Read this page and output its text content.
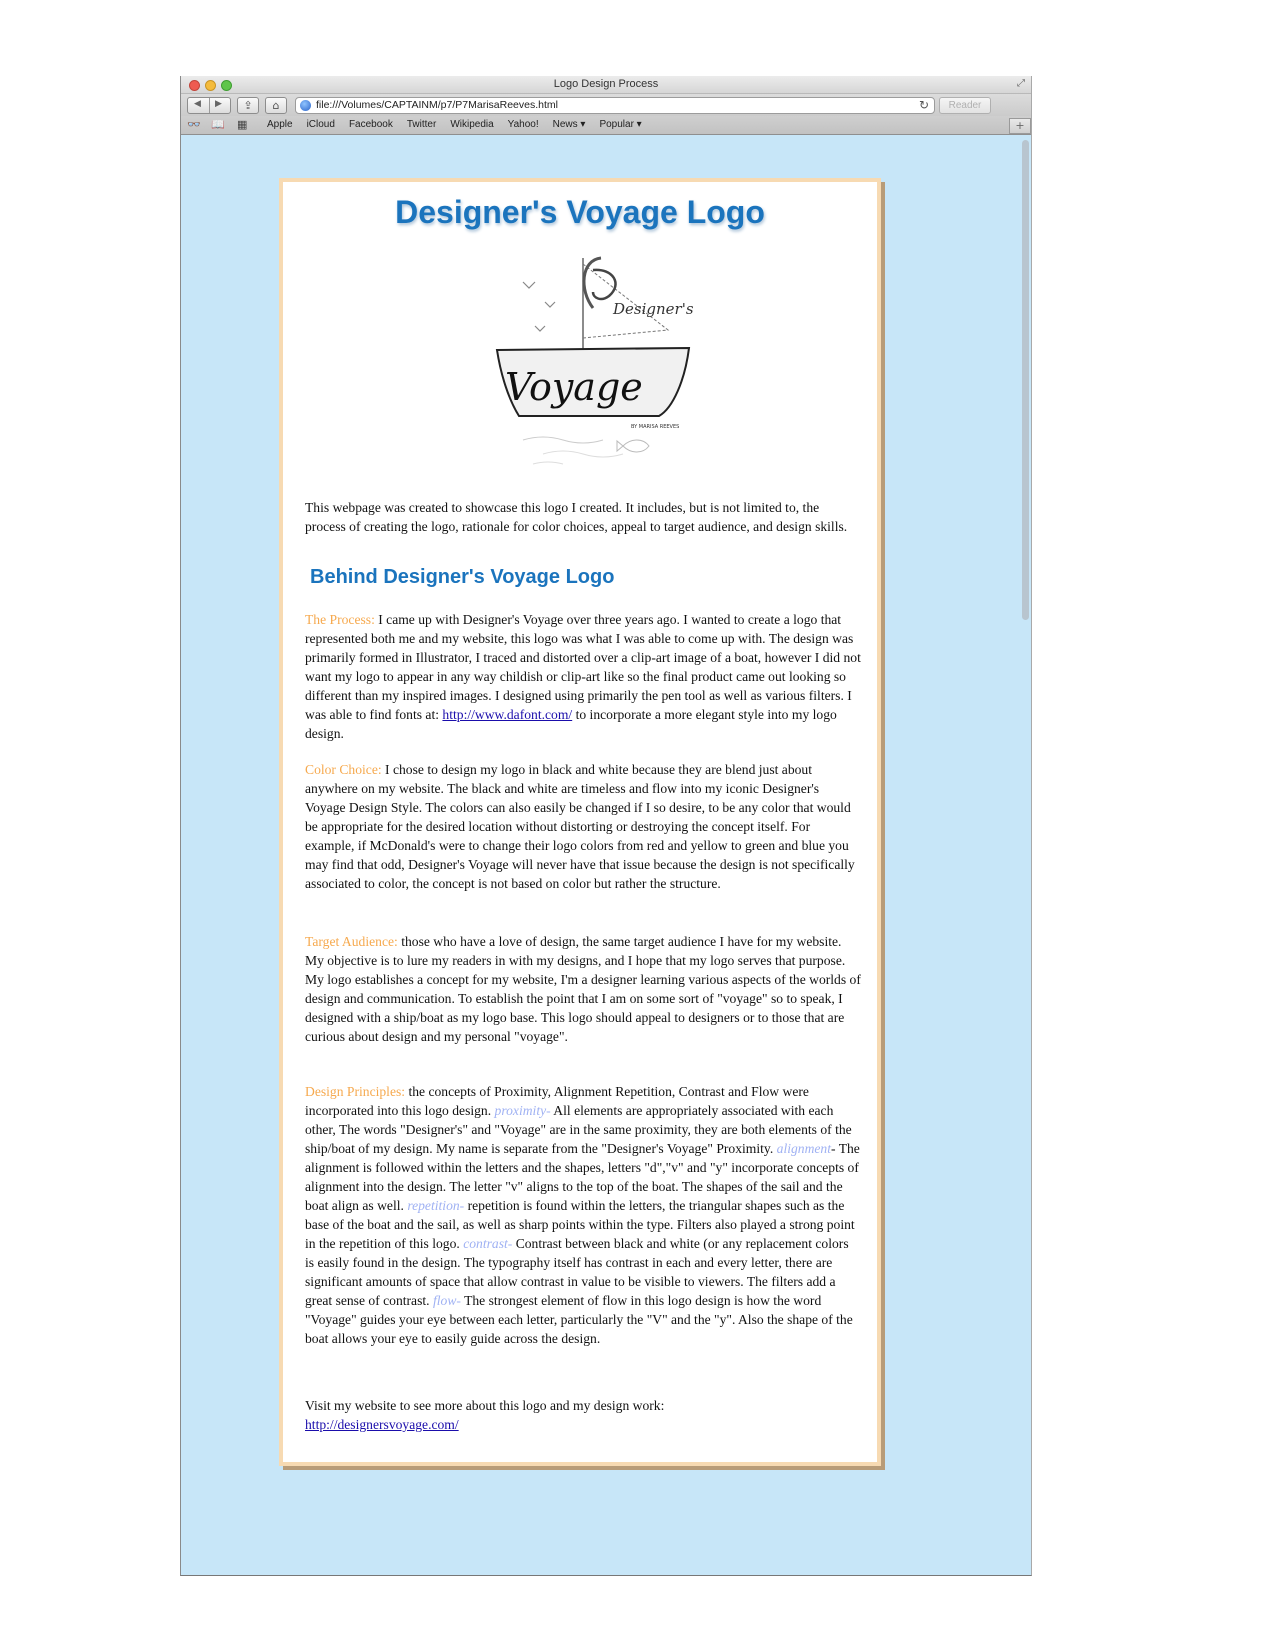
Logo Design Process	⤢
◀ ▶	⇪	⌂	file:///Volumes/CAPTAINM/p7/P7MarisaReeves.html	↻	Reader
👓 📖 ▦ Apple iCloud Facebook Twitter Wikipedia Yahoo! News ▾ Popular ▾	+
Designer's Voyage Logo
Designer's
Voyage
BY MARISA REEVES

This webpage was created to showcase this logo I created. It includes, but is not limited to, the process of creating the logo, rationale for color choices, appeal to target audience, and design skills.

Behind Designer's Voyage Logo

The Process: I came up with Designer's Voyage over three years ago. I wanted to create a logo that represented both me and my website, this logo was what I was able to come up with. The design was primarily formed in Illustrator, I traced and distorted over a clip-art image of a boat, however I did not want my logo to appear in any way childish or clip-art like so the final product came out looking so different than my inspired images. I designed using primarily the pen tool as well as various filters. I was able to find fonts at: http://www.dafont.com/ to incorporate a more elegant style into my logo design.

Color Choice: I chose to design my logo in black and white because they are blend just about anywhere on my website. The black and white are timeless and flow into my iconic Designer's Voyage Design Style. The colors can also easily be changed if I so desire, to be any color that would be appropriate for the desired location without distorting or destroying the concept itself. For example, if McDonald's were to change their logo colors from red and yellow to green and blue you may find that odd, Designer's Voyage will never have that issue because the design is not specifically associated to color, the concept is not based on color but rather the structure.

Target Audience: those who have a love of design, the same target audience I have for my website. My objective is to lure my readers in with my designs, and I hope that my logo serves that purpose. My logo establishes a concept for my website, I'm a designer learning various aspects of the worlds of design and communication. To establish the point that I am on some sort of "voyage" so to speak, I designed with a ship/boat as my logo base. This logo should appeal to designers or to those that are curious about design and my personal "voyage".

Design Principles: the concepts of Proximity, Alignment Repetition, Contrast and Flow were incorporated into this logo design. proximity- All elements are appropriately associated with each other, The words "Designer's" and "Voyage" are in the same proximity, they are both elements of the ship/boat of my design. My name is separate from the "Designer's Voyage" Proximity. alignment- The alignment is followed within the letters and the shapes, letters "d","v" and "y" incorporate concepts of alignment into the design. The letter "v" aligns to the top of the boat. The shapes of the sail and the boat align as well. repetition- repetition is found within the letters, the triangular shapes such as the base of the boat and the sail, as well as sharp points within the type. Filters also played a strong point in the repetition of this logo. contrast- Contrast between black and white (or any replacement colors is easily found in the design. The typography itself has contrast in each and every letter, there are significant amounts of space that allow contrast in value to be visible to viewers. The filters add a great sense of contrast. flow- The strongest element of flow in this logo design is how the word "Voyage" guides your eye between each letter, particularly the "V" and the "y". Also the shape of the boat allows your eye to easily guide across the design.

Visit my website to see more about this logo and my design work:
http://designersvoyage.com/
